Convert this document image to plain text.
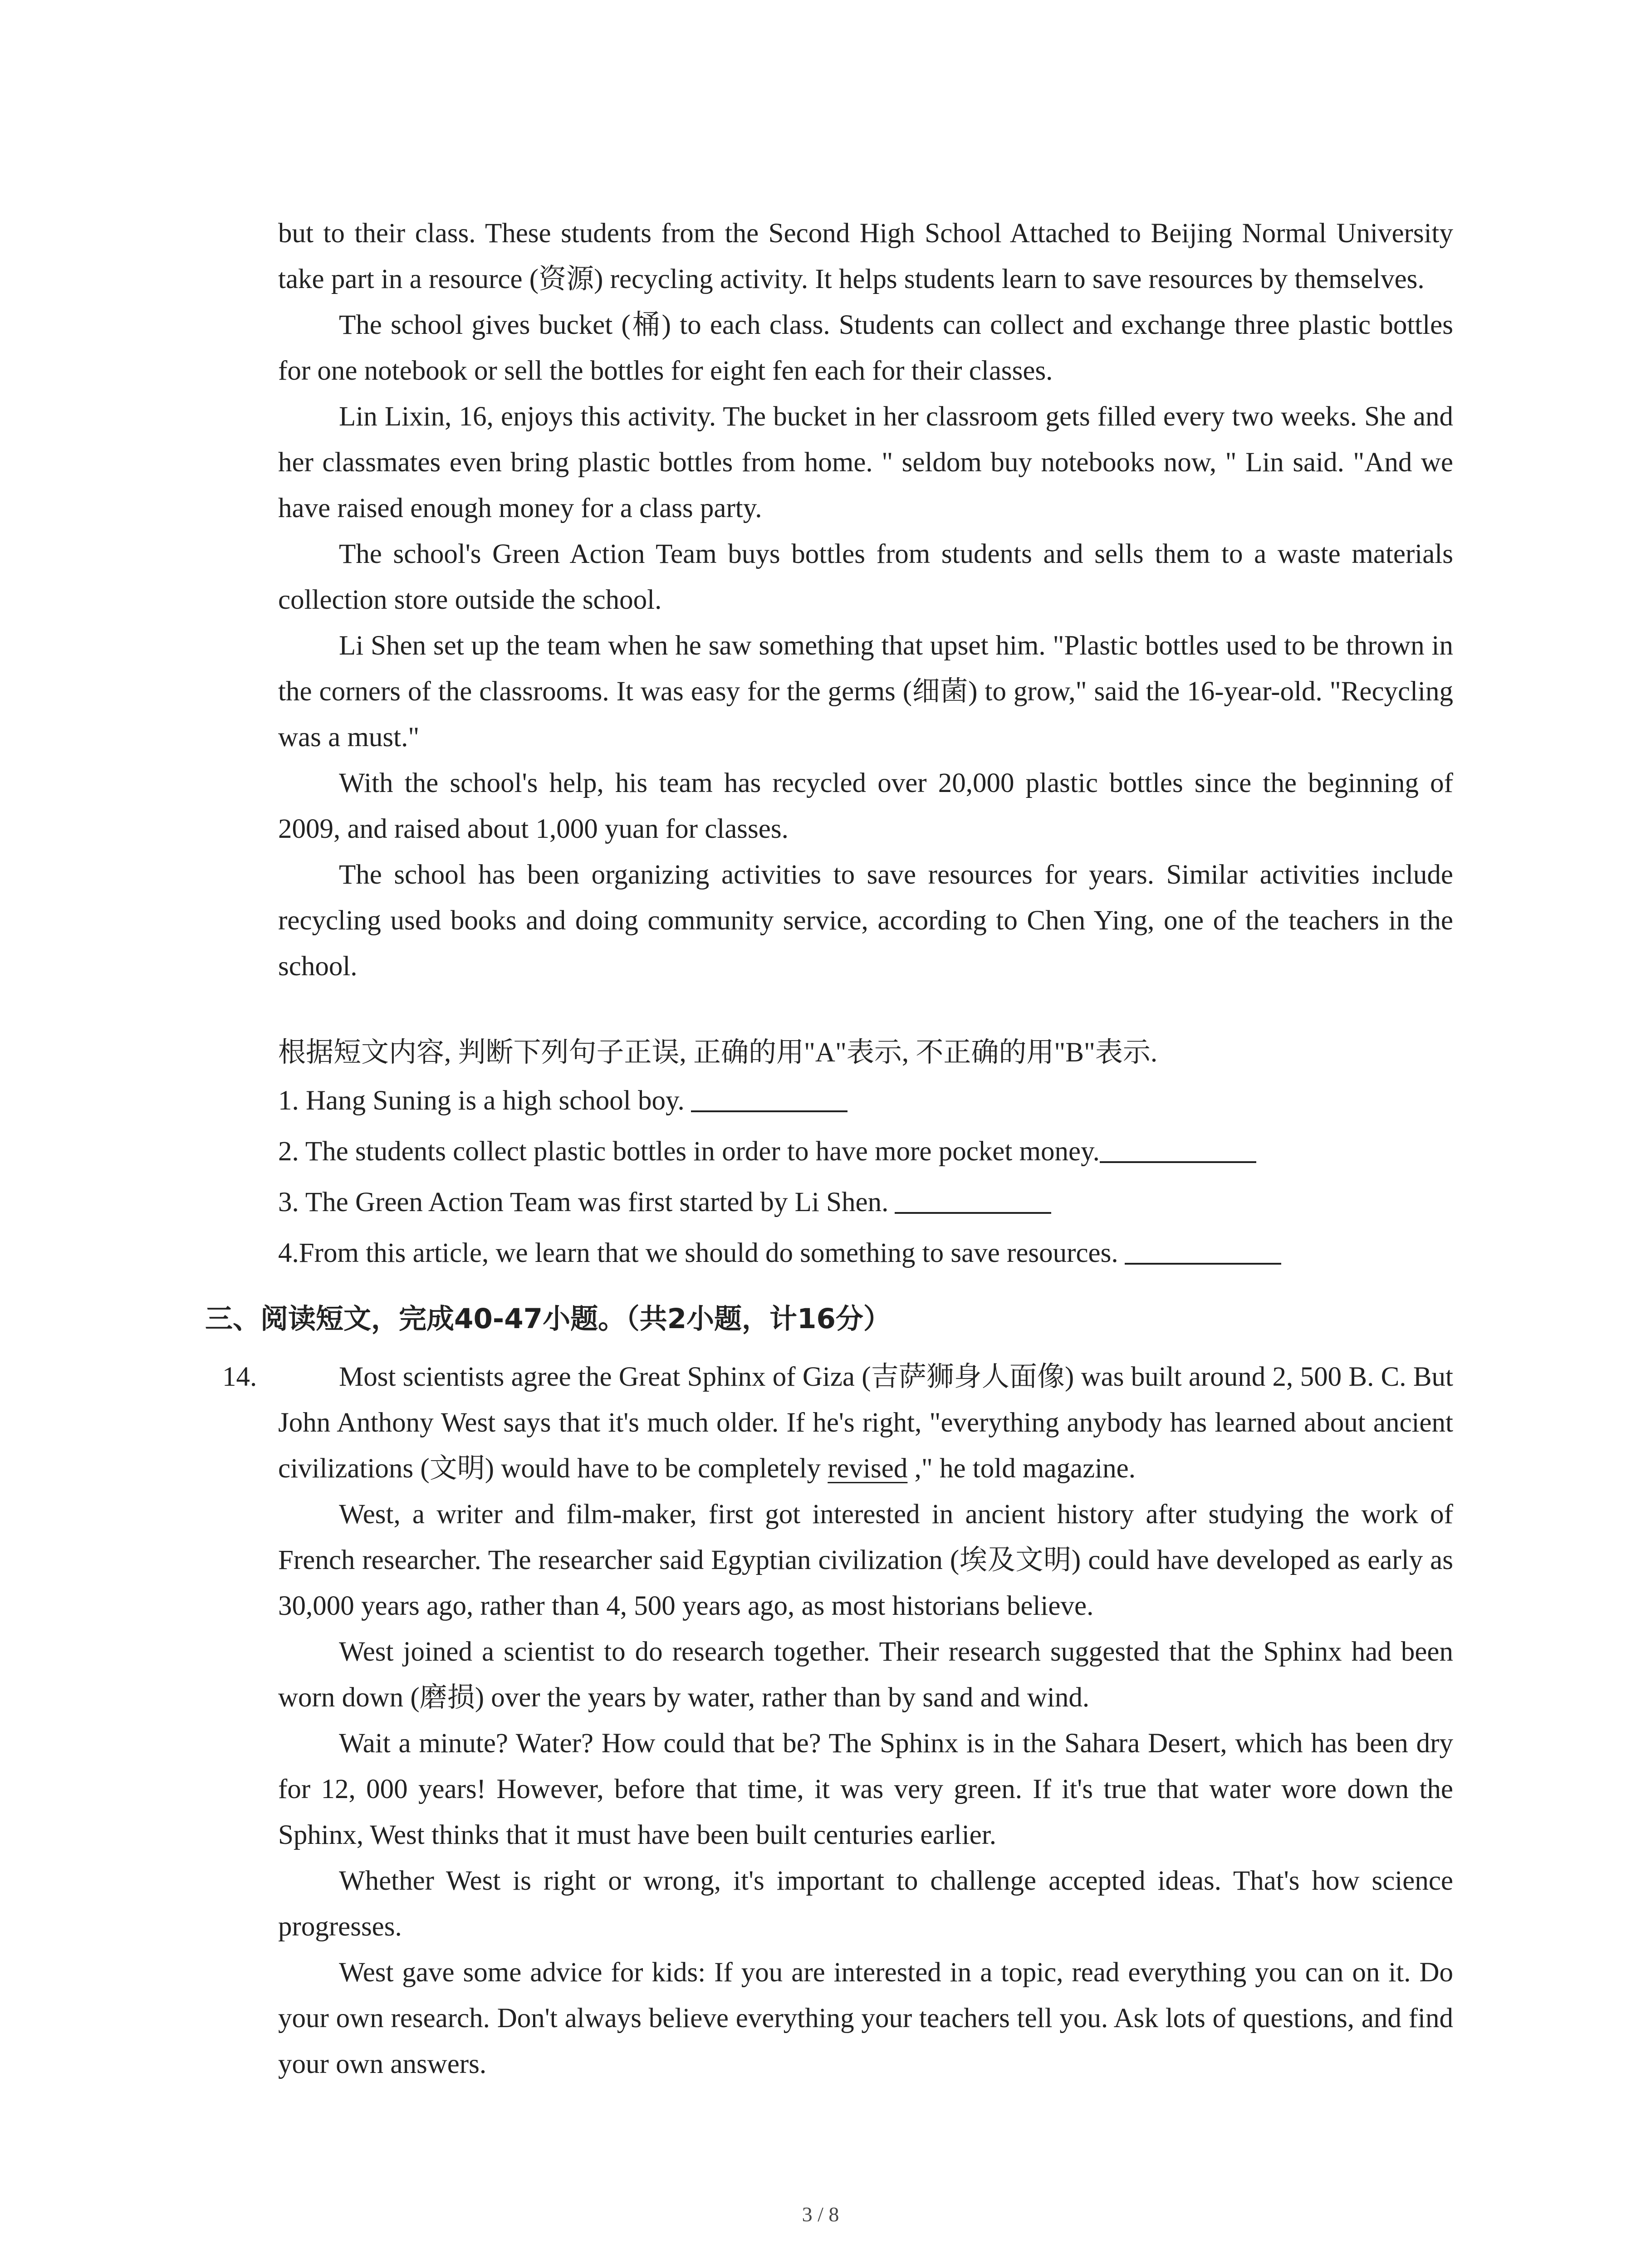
but to their class. These students from the Second High School Attached to Beijing Normal University take part in a resource (资源) recycling activity. It helps students learn to save resources by themselves.

The school gives bucket (桶) to each class. Students can collect and exchange three plastic bottles for one notebook or sell the bottles for eight fen each for their classes.

Lin Lixin, 16, enjoys this activity. The bucket in her classroom gets filled every two weeks. She and her classmates even bring plastic bottles from home. " seldom buy notebooks now, " Lin said. "And we have raised enough money for a class party.

The school's Green Action Team buys bottles from students and sells them to a waste materials collection store outside the school.

Li Shen set up the team when he saw something that upset him. "Plastic bottles used to be thrown in the corners of the classrooms. It was easy for the germs (细菌) to grow," said the 16-year-old. "Recycling was a must."

With the school's help, his team has recycled over 20,000 plastic bottles since the beginning of 2009, and raised about 1,000 yuan for classes.

The school has been organizing activities to save resources for years. Similar activities include recycling used books and doing community service, according to Chen Ying, one of the teachers in the school.

根据短文内容, 判断下列句子正误, 正确的用"A"表示, 不正确的用"B"表示.

1. Hang Suning is a high school boy.

2. The students collect plastic bottles in order to have more pocket money.

3. The Green Action Team was first started by Li Shen.

4.From this article, we learn that we should do something to save resources.

三、阅读短文，完成40-47小题。（共2小题，计16分）

14.	Most scientists agree the Great Sphinx of Giza (吉萨狮身人面像) was built around 2, 500 B. C. But John Anthony West says that it's much older. If he's right, "everything anybody has learned about ancient civilizations (文明) would have to be completely revised ," he told magazine.

West, a writer and film-maker, first got interested in ancient history after studying the work of French researcher. The researcher said Egyptian civilization (埃及文明) could have developed as early as 30,000 years ago, rather than 4, 500 years ago, as most historians believe.

West joined a scientist to do research together. Their research suggested that the Sphinx had been worn down (磨损) over the years by water, rather than by sand and wind.

Wait a minute? Water? How could that be? The Sphinx is in the Sahara Desert, which has been dry for 12, 000 years! However, before that time, it was very green. If it's true that water wore down the Sphinx, West thinks that it must have been built centuries earlier.

Whether West is right or wrong, it's important to challenge accepted ideas. That's how science progresses.

West gave some advice for kids: If you are interested in a topic, read everything you can on it. Do your own research. Don't always believe everything your teachers tell you. Ask lots of questions, and find your own answers.

3 / 8
